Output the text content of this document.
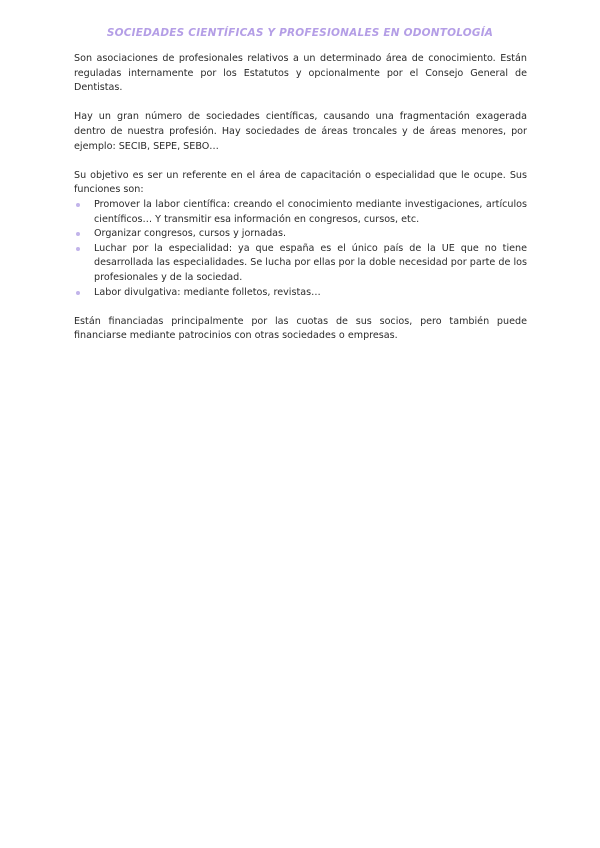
SOCIEDADES CIENTÍFICAS Y PROFESIONALES EN ODONTOLOGÍA

Son asociaciones de profesionales relativos a un determinado área de conocimiento. Están reguladas internamente por los Estatutos y opcionalmente por el Consejo General de Dentistas.

Hay un gran número de sociedades científicas, causando una fragmentación exagerada dentro de nuestra profesión. Hay sociedades de áreas troncales y de áreas menores, por ejemplo: SECIB, SEPE, SEBO…

Su objetivo es ser un referente en el área de capacitación o especialidad que le ocupe. Sus funciones son:

Promover la labor científica: creando el conocimiento mediante investigaciones, artículos científicos… Y transmitir esa información en congresos, cursos, etc.
Organizar congresos, cursos y jornadas.
Luchar por la especialidad: ya que españa es el único país de la UE que no tiene desarrollada las especialidades. Se lucha por ellas por la doble necesidad por parte de los profesionales y de la sociedad.
Labor divulgativa: mediante folletos, revistas…

Están financiadas principalmente por las cuotas de sus socios, pero también puede financiarse mediante patrocinios con otras sociedades o empresas.
